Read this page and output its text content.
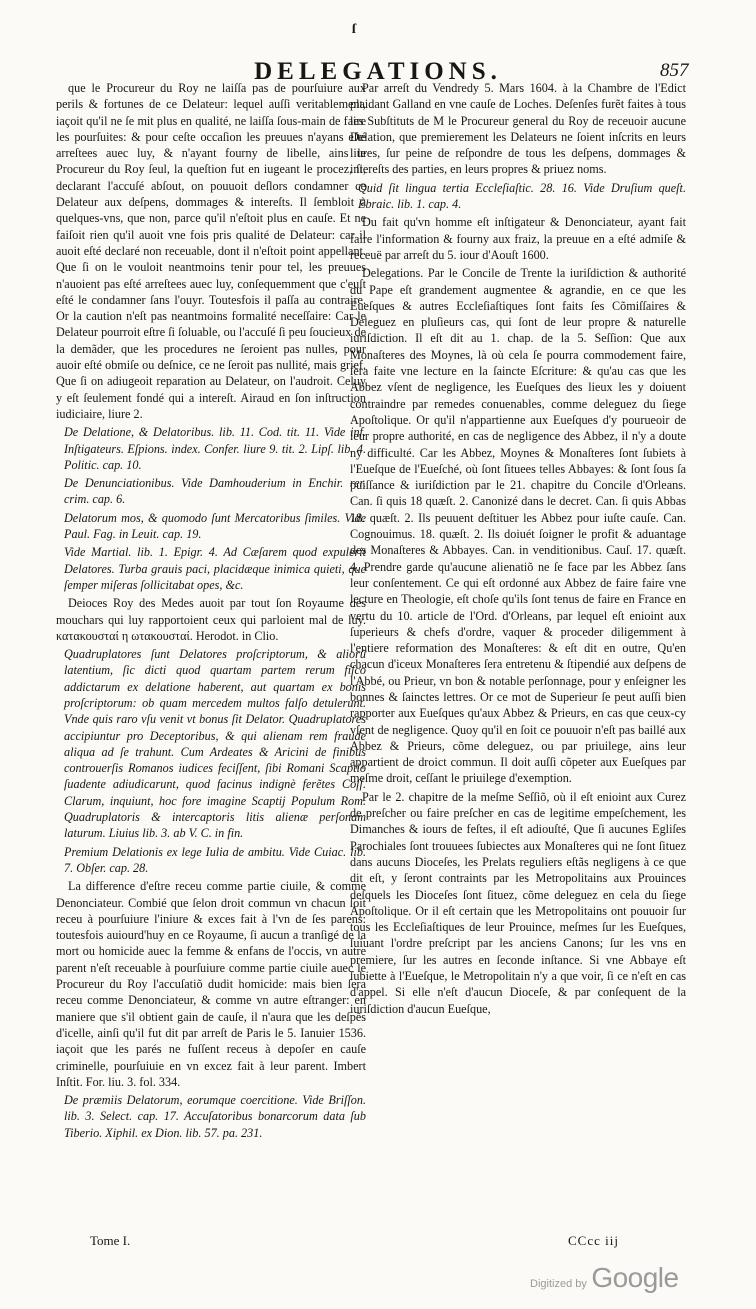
ſ
DELEGATIONS.	857

que le Procureur du Roy ne laiſſa pas de pourſuiure aux perils & fortunes de ce Delateur: lequel auſſi veritablement, iaçoit qu'il ne ſe mit plus en qualité, ne laiſſa ſous-main de faire les pourſuites: & pour ceſte occaſion les preuues n'ayans eſté arreſtees auec luy, & n'ayant fourny de libelle, ains le Procureur du Roy ſeul, la queſtion fut en iugeant le procez, ſi, declarant l'accuſé abſout, on pouuoit deſlors condamner ce Delateur aux deſpens, dommages & intereſts. Il ſembloit à quelques-vns, que non, parce qu'il n'eſtoit plus en cauſe. Et ne faiſoit rien qu'il auoit vne fois pris qualité de Delateur: car il auoit eſté declaré non receuable, dont il n'eſtoit point appellant. Que ſi on le vouloit neantmoins tenir pour tel, les preuues n'auoient pas eſté arreſtees auec luy, conſequemment que c'euſt eſté le condamner ſans l'ouyr. Toutesfois il paſſa au contraire. Or la caution n'eſt pas neantmoins formalité neceſſaire: Car le Delateur pourroit eſtre ſi ſoluable, ou l'accuſé ſi peu ſoucieux de la demãder, que les procedures ne ſeroient pas nulles, pour auoir eſté obmiſe ou deſnice, ce ne ſeroit pas nullité, mais grief. Que ſi on adiugeoit reparation au Delateur, on l'audroit. Celuy y eſt ſeulement fondé qui a intereſt. Airaud en ſon inſtruction iudiciaire, liure 2.

De Delatione, & Delatoribus. lib. 11. Cod. tit. 11. Vide inf. Inſtigateurs. Eſpions. index. Confer. liure 9. tit. 2. Lipſ. lib. 4. Politic. cap. 10.

De Denunciationibus. Vide Damhouderium in Enchir. rer. crim. cap. 6.

Delatorum mos, & quomodo ſunt Mercatoribus ſimiles. Vide Paul. Fag. in Leuit. cap. 19.

Vide Martial. lib. 1. Epigr. 4. Ad Cæſarem quod expulerit Delatores. Turba grauis paci, placidæque inimica quieti, que ſemper miſeras ſollicitabat opes, &c.

Deioces Roy des Medes auoit par tout ſon Royaume des mouchars qui luy rapportoient ceux qui parloient mal de luy. κατακουσταί η ωτακουσταί. Herodot. in Clio.

Quadruplatores ſunt Delatores proſcriptorum, & aliorũ latentium, ſic dicti quod quartam partem rerum fiſco addictarum ex delatione haberent, aut quartam ex bonis proſcriptorum: ob quam mercedem multos falſo detulerunt. Vnde quis raro vſu venit vt bonus ſit Delator. Quadruplatores accipiuntur pro Deceptoribus, & qui alienam rem fraude aliqua ad ſe trahunt. Cum Ardeates & Aricini de finibus controuerſis Romanos iudices feciſſent, ſibi Romani Scaptio ſuadente adiudicarunt, quod facinus indignè ferẽtes Coſſ. Clarum, inquiunt, hoc fore imagine Scaptij Populum Rom. Quadruplatoris & intercaptoris litis alienæ perſonam laturum. Liuius lib. 3. ab V. C. in fin.

Premium Delationis ex lege Iulia de ambitu. Vide Cuiac. lib. 7. Obſer. cap. 28.

La difference d'eſtre receu comme partie ciuile, & comme Denonciateur. Combié que ſelon droit commun vn chacun ſoit receu à pourſuiure l'iniure & exces fait à l'vn de ſes parens: toutesfois auiourd'huy en ce Royaume, ſi aucun a tranſigé de la mort ou homicide auec la femme & enfans de l'occis, vn autre parent n'eſt receuable à pourſuiure comme partie ciuile auec le Procureur du Roy l'accuſatiõ dudit homicide: mais bien ſera receu comme Denonciateur, & comme vn autre eſtranger: en maniere que s'il obtient gain de cauſe, il n'aura que les deſpẽs d'icelle, ainſi qu'il fut dit par arreſt de Paris le 5. Ianuier 1536. iaçoit que les parés ne fuſſent receus à depoſer en cauſe criminelle, pourſuiuie en vn excez fait à leur parent. Imbert Inſtit. For. liu. 3. fol. 334.

De præmiis Delatorum, eorumque coercitione. Vide Briſſon. lib. 3. Select. cap. 17. Accuſatoribus bonarcorum data ſub Tiberio. Xiphil. ex Dion. lib. 57. pa. 231.

Par arreſt du Vendredy 5. Mars 1604. à la Chambre de l'Edict plaidant Galland en vne cauſe de Loches. Deſenſes furẽt faites à tous les Subſtituts de M le Procureur general du Roy de receuoir aucune Delation, que premierement les Delateurs ne ſoient inſcrits en leurs liures, ſur peine de reſpondre de tous les deſpens, dommages & intereſts des parties, en leurs propres & priuez noms.

Quid ſit lingua tertia Eccleſiaſtic. 28. 16. Vide Druſium queſt. Ebraic. lib. 1. cap. 4.

Du fait qu'vn homme eſt inſtigateur & Denonciateur, ayant fait faire l'information & fourny aux fraiz, la preuue en a eſté admiſe & receuë par arreſt du 5. iour d'Aouſt 1600.

Delegations. Par le Concile de Trente la iuriſdiction & authorité du Pape eſt grandement augmentee & agrandie, en ce que les Eueſques & autres Eccleſiaſtiques ſont faits ſes Cõmiſſaires & Deleguez en pluſieurs cas, qui ſont de leur propre & naturelle iuriſdiction. Il eſt dit au 1. chap. de la 5. Seſſion: Que aux Monaſteres des Moynes, là où cela ſe pourra commodement faire, ſera faite vne lecture en la ſaincte Eſcriture: & qu'au cas que les Abbez vſent de negligence, les Eueſques des lieux les y doiuent contraindre par remedes conuenables, comme deleguez du ſiege Apoſtolique. Or qu'il n'appartienne aux Eueſques d'y pourueoir de leur propre authorité, en cas de negligence des Abbez, il n'y a doute ny difficulté. Car les Abbez, Moynes & Monaſteres ſont ſubiets à l'Eueſque de l'Eueſché, où ſont ſituees telles Abbayes: & ſont ſous ſa puiſſance & iuriſdiction par le 21. chapitre du Concile d'Orleans. Can. ſi quis 18 quæſt. 2. Canonizé dans le decret. Can. ſi quis Abbas 18. quæſt. 2. Ils peuuent deſtituer les Abbez pour iuſte cauſe. Can. Cognouimus. 18. quæſt. 2. Ils doiuét ſoigner le profit & aduantage des Monaſteres & Abbayes. Can. in venditionibus. Cauſ. 17. quæſt. 4. Prendre garde qu'aucune alienatiõ ne ſe face par les Abbez ſans leur conſentement. Ce qui eſt ordonné aux Abbez de faire faire vne lecture en Theologie, eſt choſe qu'ils ſont tenus de faire en France en vertu du 10. article de l'Ord. d'Orleans, par lequel eſt enioint aux ſuperieurs & chefs d'ordre, vaquer & proceder diligemment à l'entiere reformation des Monaſteres: & eſt dit en outre, Qu'en chacun d'iceux Monaſteres ſera entretenu & ſtipendié aux deſpens de l'Abbé, ou Prieur, vn bon & notable perſonnage, pour y enſeigner les bonnes & ſainctes lettres. Or ce mot de Superieur ſe peut auſſi bien rapporter aux Eueſques qu'aux Abbez & Prieurs, en cas que ceux-cy vſent de negligence. Quoy qu'il en ſoit ce pouuoir n'eſt pas baillé aux Abbez & Prieurs, cõme deleguez, ou par priuilege, ains leur appartient de droict commun. Il doit auſſi cõpeter aux Eueſques par meſme droit, ceſſant le priuilege d'exemption.

Par le 2. chapitre de la meſme Seſſiõ, où il eſt enioint aux Curez de preſcher ou faire preſcher en cas de legitime empeſchement, les Dimanches & iours de feſtes, il eſt adiouſté, Que ſi aucunes Egliſes Parochiales ſont trouuees ſubiectes aux Monaſteres qui ne ſont ſituez dans aucuns Dioceſes, les Prelats reguliers eſtãs negligens à ce que dit eſt, y ſeront contraints par les Metropolitains aux Prouinces deſquels les Dioceſes ſont ſituez, cõme deleguez en cela du ſiege Apoſtolique. Or il eſt certain que les Metropolitains ont pouuoir ſur tous les Eccleſiaſtiques de leur Prouince, meſmes ſur les Eueſques, ſuiuant l'ordre preſcript par les anciens Canons; ſur les vns en premiere, ſur les autres en ſeconde inſtance. Si vne Abbaye eſt ſubiette à l'Eueſque, le Metropolitain n'y a que voir, ſi ce n'eſt en cas d'appel. Si elle n'eſt d'aucun Dioceſe, & par conſequent de la iuriſdiction d'aucun Eueſque,

Tome I.	CCcc iij
Digitized by Google
